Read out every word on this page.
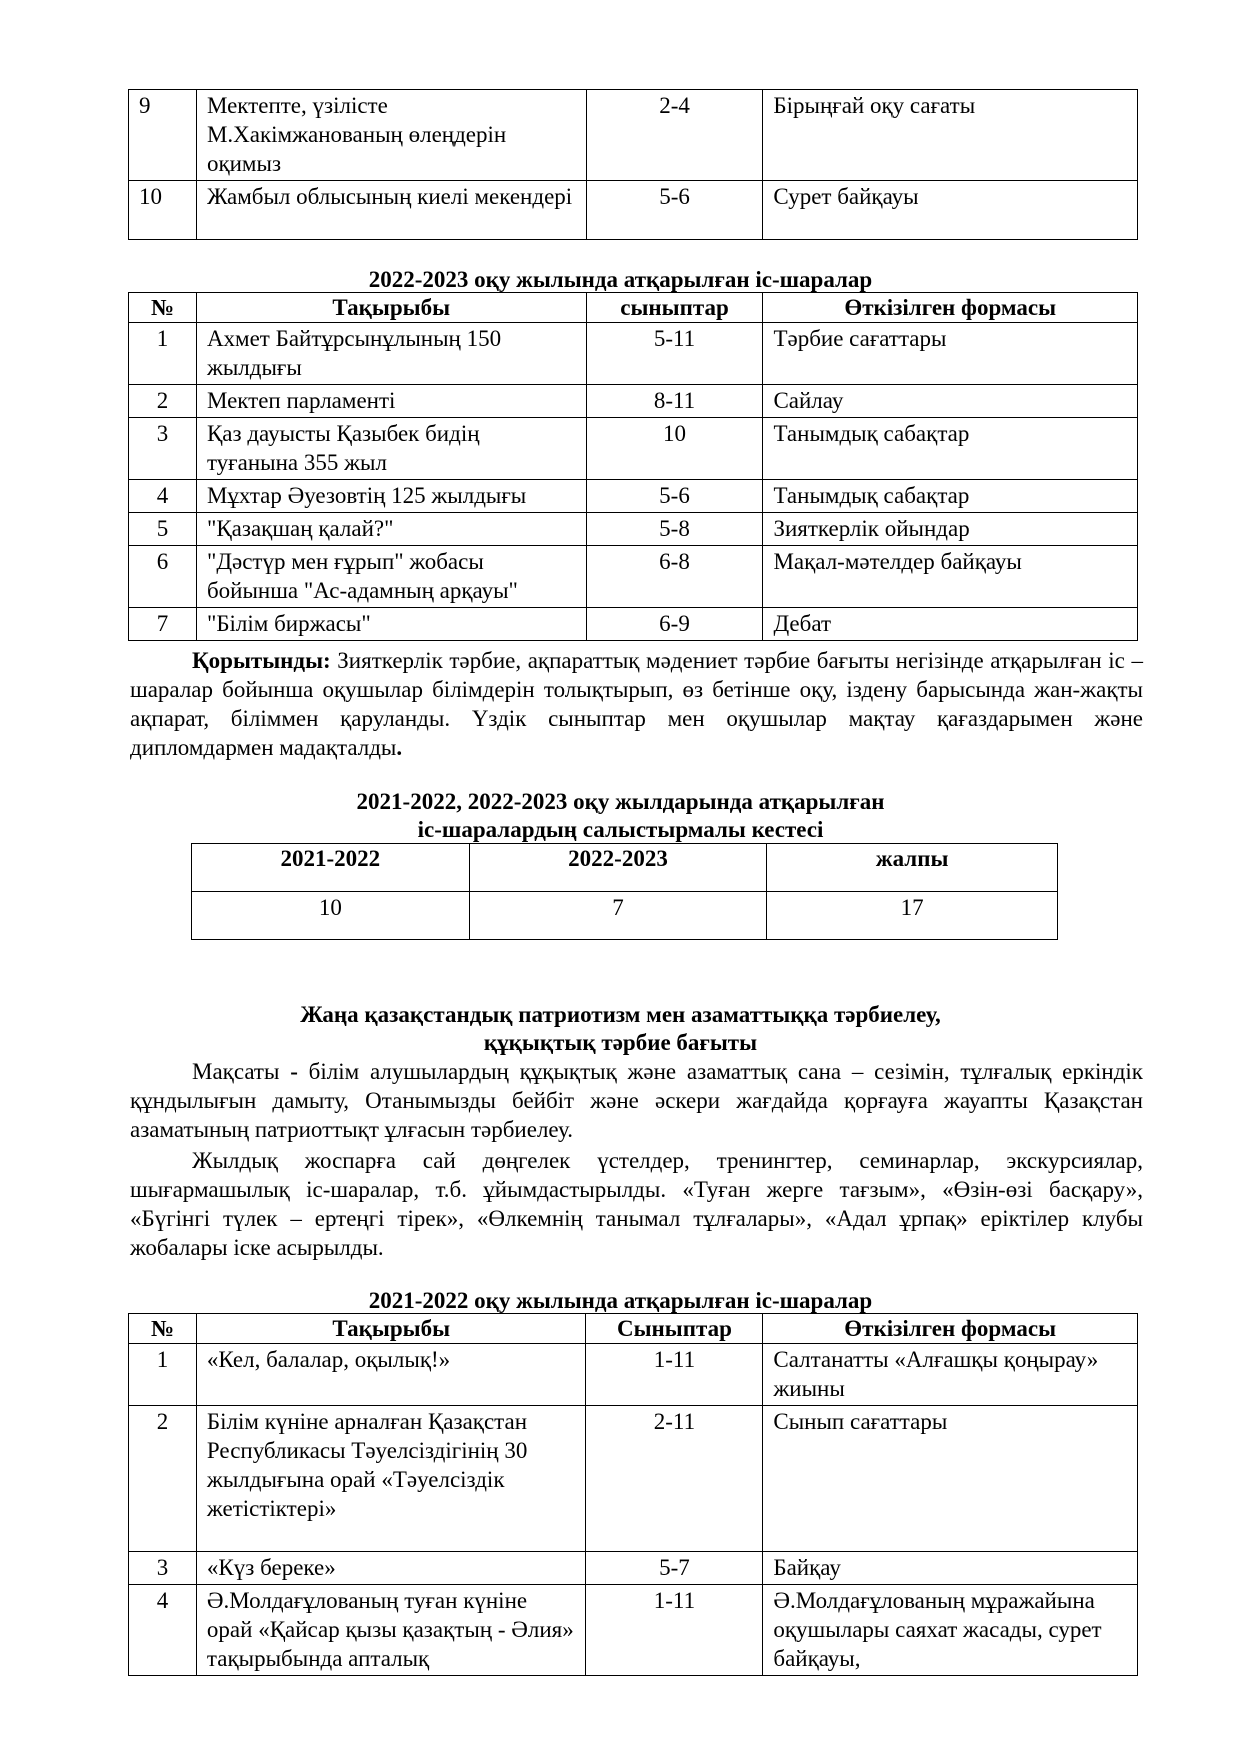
9	Мектепте, үзілісте М.Хакімжанованың өлеңдерін оқимыз	2-4	Бірыңғай оқу сағаты
10	Жамбыл облысының киелі мекендері	5-6	Сурет байқауы
2022-2023 оқу жылында атқарылған іс-шаралар
№	Тақырыбы	сыныптар	Өткізілген формасы
1	Ахмет Байтұрсынұлының 150 жылдығы	5-11	Тәрбие сағаттары
2	Мектеп парламенті	8-11	Сайлау
3	Қаз дауысты Қазыбек бидің туғанына 355 жыл	10	Танымдық сабақтар
4	Мұхтар Әуезовтің 125 жылдығы	5-6	Танымдық сабақтар
5	"Қазақшаң қалай?"	5-8	Зияткерлік ойындар
6	"Дәстүр мен ғұрып" жобасы бойынша "Ас-адамның арқауы"	6-8	Мақал-мәтелдер байқауы
7	"Білім биржасы"	6-9	Дебат
Қорытынды: Зияткерлік тәрбие, ақпараттық мәдениет тәрбие бағыты негізінде атқарылған іс –шаралар бойынша оқушылар білімдерін толықтырып, өз бетінше оқу, іздену барысында жан-жақты ақпарат, біліммен қаруланды. Үздік сыныптар мен оқушылар мақтау қағаздарымен және дипломдармен мадақталды.
2021-2022, 2022-2023 оқу жылдарында атқарылған
іс-шаралардың салыстырмалы кестесі
2021-2022	2022-2023	жалпы
10	7	17
Жаңа қазақстандық патриотизм мен азаматтыққа тәрбиелеу,
құқықтық тәрбие бағыты
Мақсаты - білім алушылардың құқықтық және азаматтық сана – сезімін, тұлғалық еркіндік құндылығын дамыту, Отанымызды бейбіт және әскери жағдайда қорғауға жауапты Қазақстан азаматының патриоттықт ұлғасын тәрбиелеу.
Жылдық жоспарға сай дөңгелек үстелдер, тренингтер, семинарлар, экскурсиялар, шығармашылық іс-шаралар, т.б. ұйымдастырылды. «Туған жерге тағзым», «Өзін-өзі басқару», «Бүгінгі түлек – ертеңгі тірек», «Өлкемнің танымал тұлғалары», «Адал ұрпақ» еріктілер клубы жобалары іске асырылды.
2021-2022 оқу жылында атқарылған іс-шаралар
№	Тақырыбы	Сыныптар	Өткізілген формасы
1	«Кел, балалар, оқылық!»	1-11	Салтанатты «Алғашқы қоңырау» жиыны
2	Білім күніне арналған Қазақстан Республикасы Тәуелсіздігінің 30 жылдығына орай «Тәуелсіздік жетістіктері»	2-11	Сынып сағаттары
3	«Күз береке»	5-7	Байқау
4	Ә.Молдағұлованың туған күніне орай «Қайсар қызы қазақтың - Әлия» тақырыбында апталық	1-11	Ә.Молдағұлованың мұражайына оқушылары саяхат жасады, сурет байқауы,
